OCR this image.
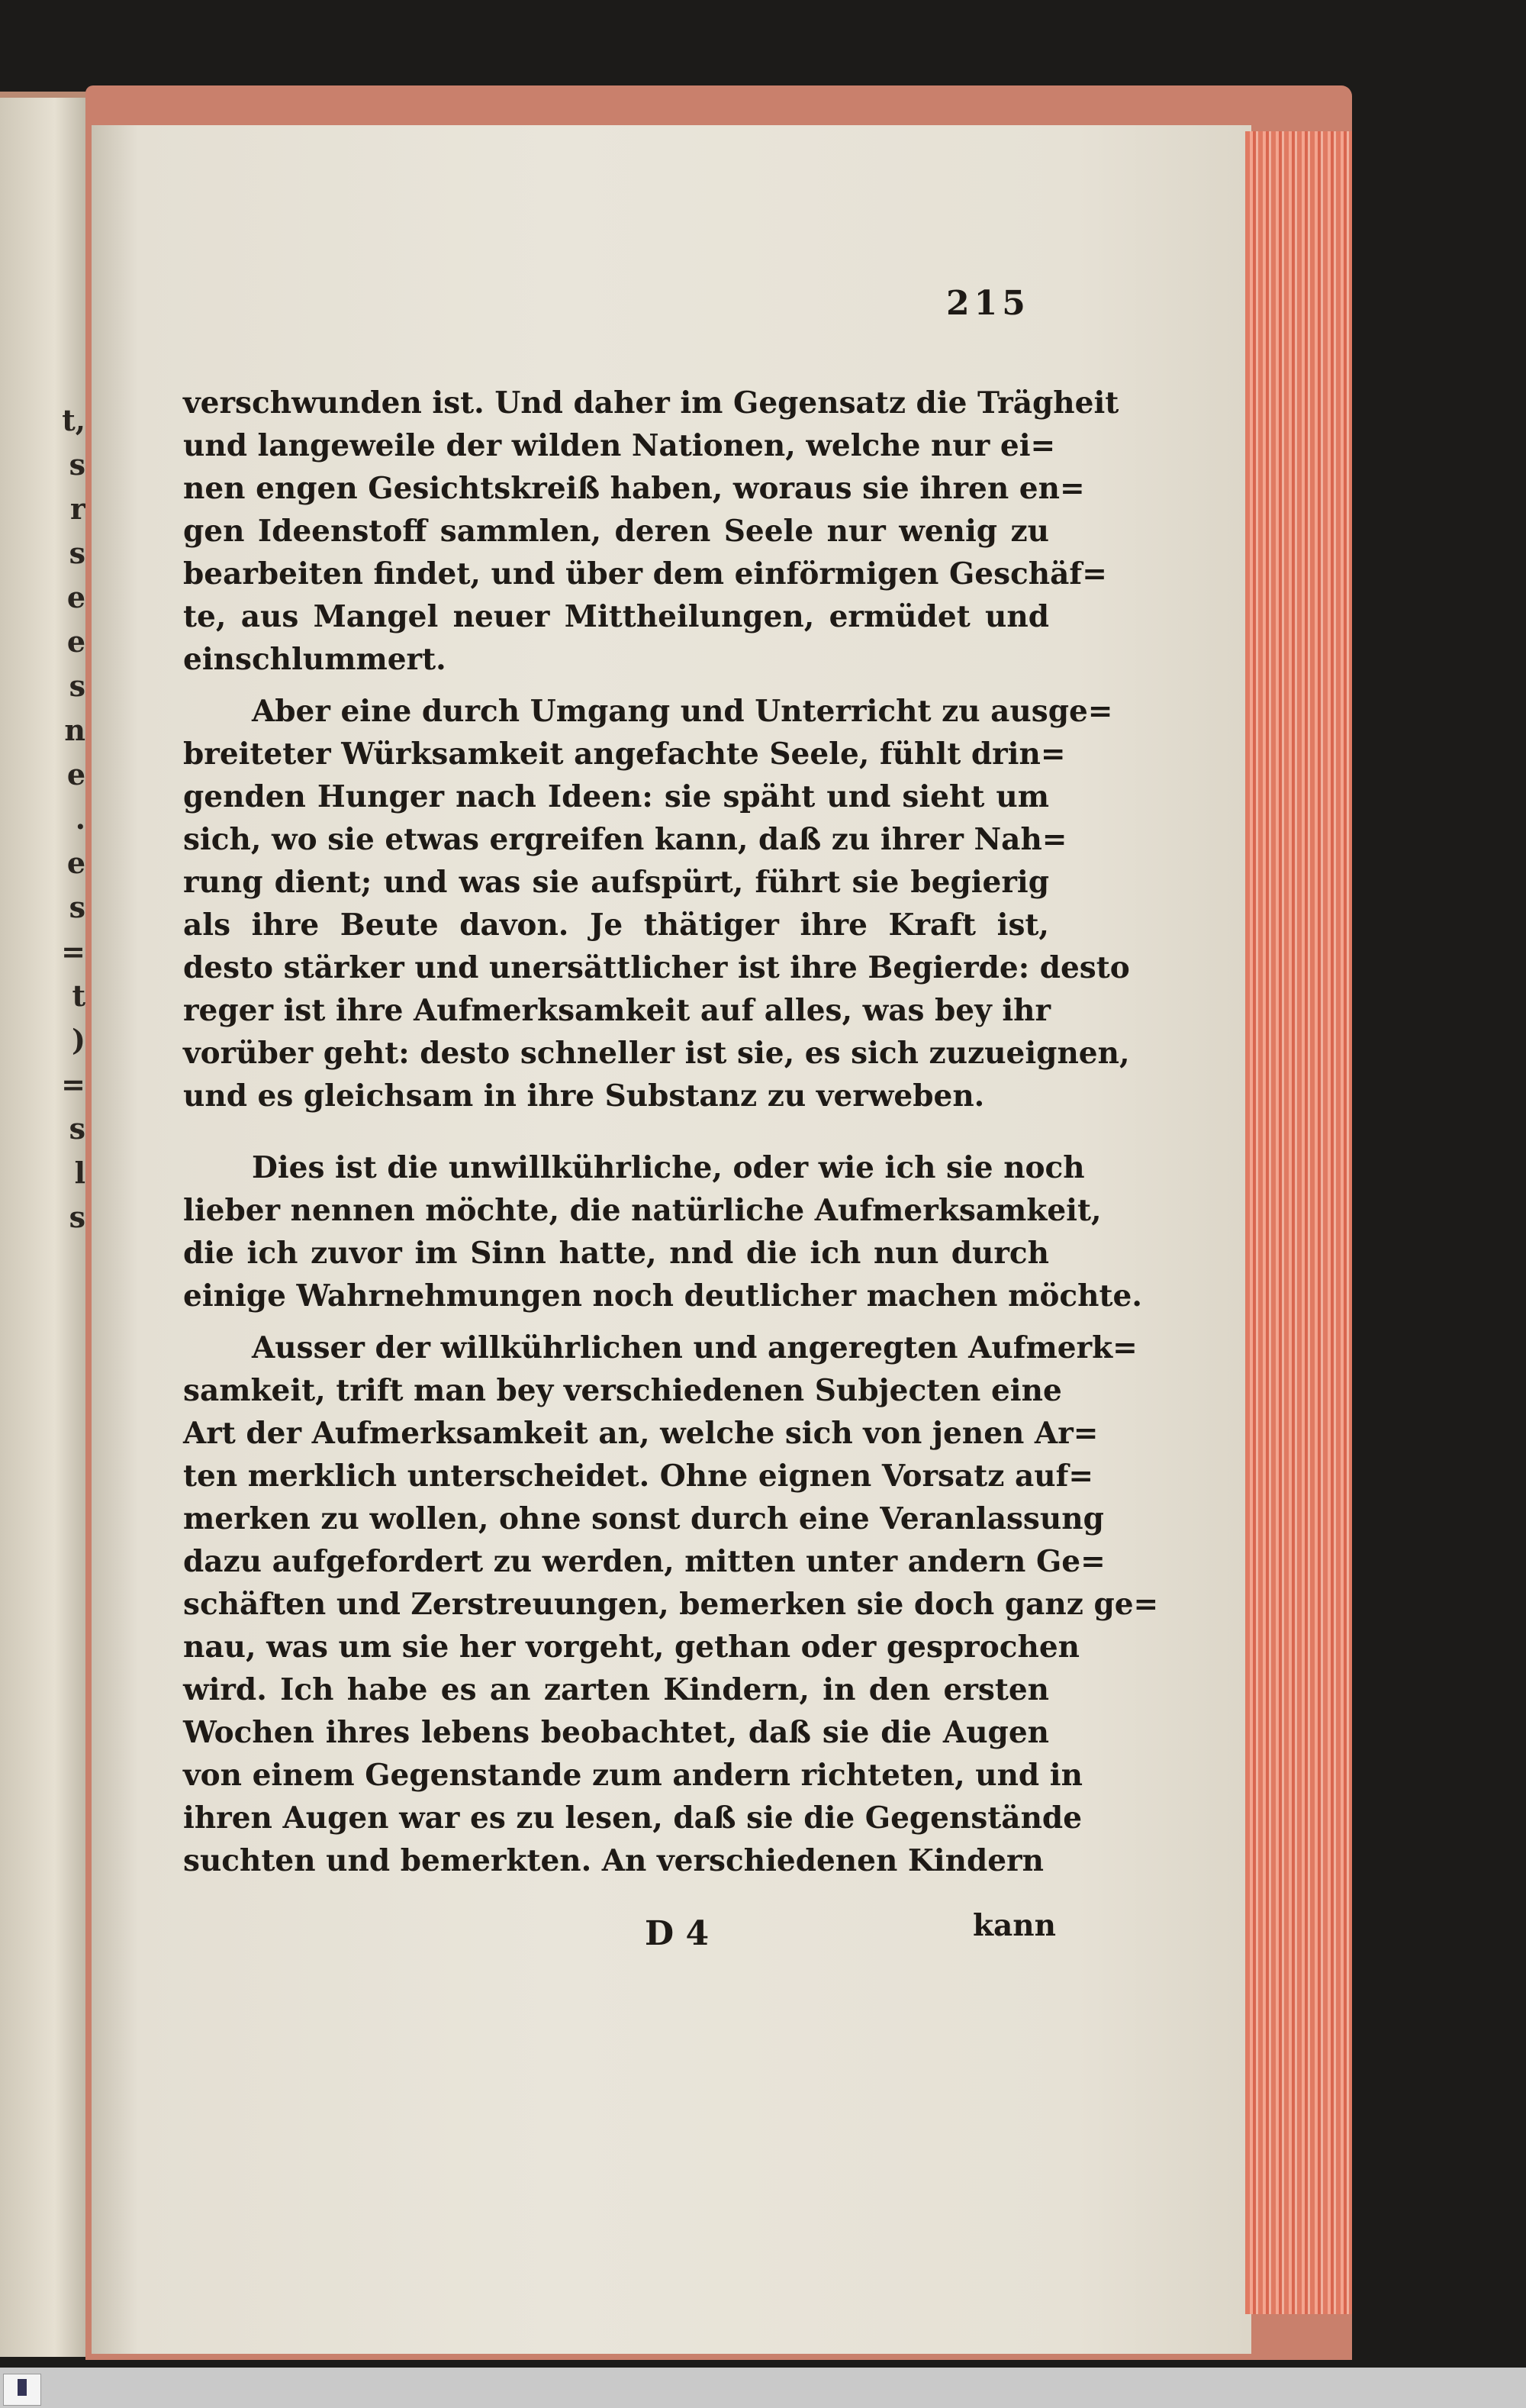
t,
s
r
s
e
e
s
n
e
.
e
s
=
t
)
=
s
l
s
215
verschwunden ist. Und daher im Gegensatz die Trägheit
und langeweile der wilden Nationen, welche nur ei=
nen engen Gesichtskreiß haben, woraus sie ihren en=
gen Ideenstoff sammlen, deren Seele nur wenig zu
bearbeiten findet, und über dem einförmigen Geschäf=
te, aus Mangel neuer Mittheilungen, ermüdet und
einschlummert.
Aber eine durch Umgang und Unterricht zu ausge=
breiteter Würksamkeit angefachte Seele, fühlt drin=
genden Hunger nach Ideen: sie späht und sieht um
sich, wo sie etwas ergreifen kann, daß zu ihrer Nah=
rung dient; und was sie aufspürt, führt sie begierig
als ihre Beute davon. Je thätiger ihre Kraft ist,
desto stärker und unersättlicher ist ihre Begierde: desto
reger ist ihre Aufmerksamkeit auf alles, was bey ihr
vorüber geht: desto schneller ist sie, es sich zuzueignen,
und es gleichsam in ihre Substanz zu verweben.
Dies ist die unwillkührliche, oder wie ich sie noch
lieber nennen möchte, die natürliche Aufmerksamkeit,
die ich zuvor im Sinn hatte, nnd die ich nun durch
einige Wahrnehmungen noch deutlicher machen möchte.
Ausser der willkührlichen und angeregten Aufmerk=
samkeit, trift man bey verschiedenen Subjecten eine
Art der Aufmerksamkeit an, welche sich von jenen Ar=
ten merklich unterscheidet. Ohne eignen Vorsatz auf=
merken zu wollen, ohne sonst durch eine Veranlassung
dazu aufgefordert zu werden, mitten unter andern Ge=
schäften und Zerstreuungen, bemerken sie doch ganz ge=
nau, was um sie her vorgeht, gethan oder gesprochen
wird. Ich habe es an zarten Kindern, in den ersten
Wochen ihres lebens beobachtet, daß sie die Augen
von einem Gegenstande zum andern richteten, und in
ihren Augen war es zu lesen, daß sie die Gegenstände
suchten und bemerkten. An verschiedenen Kindern
D 4	kann
